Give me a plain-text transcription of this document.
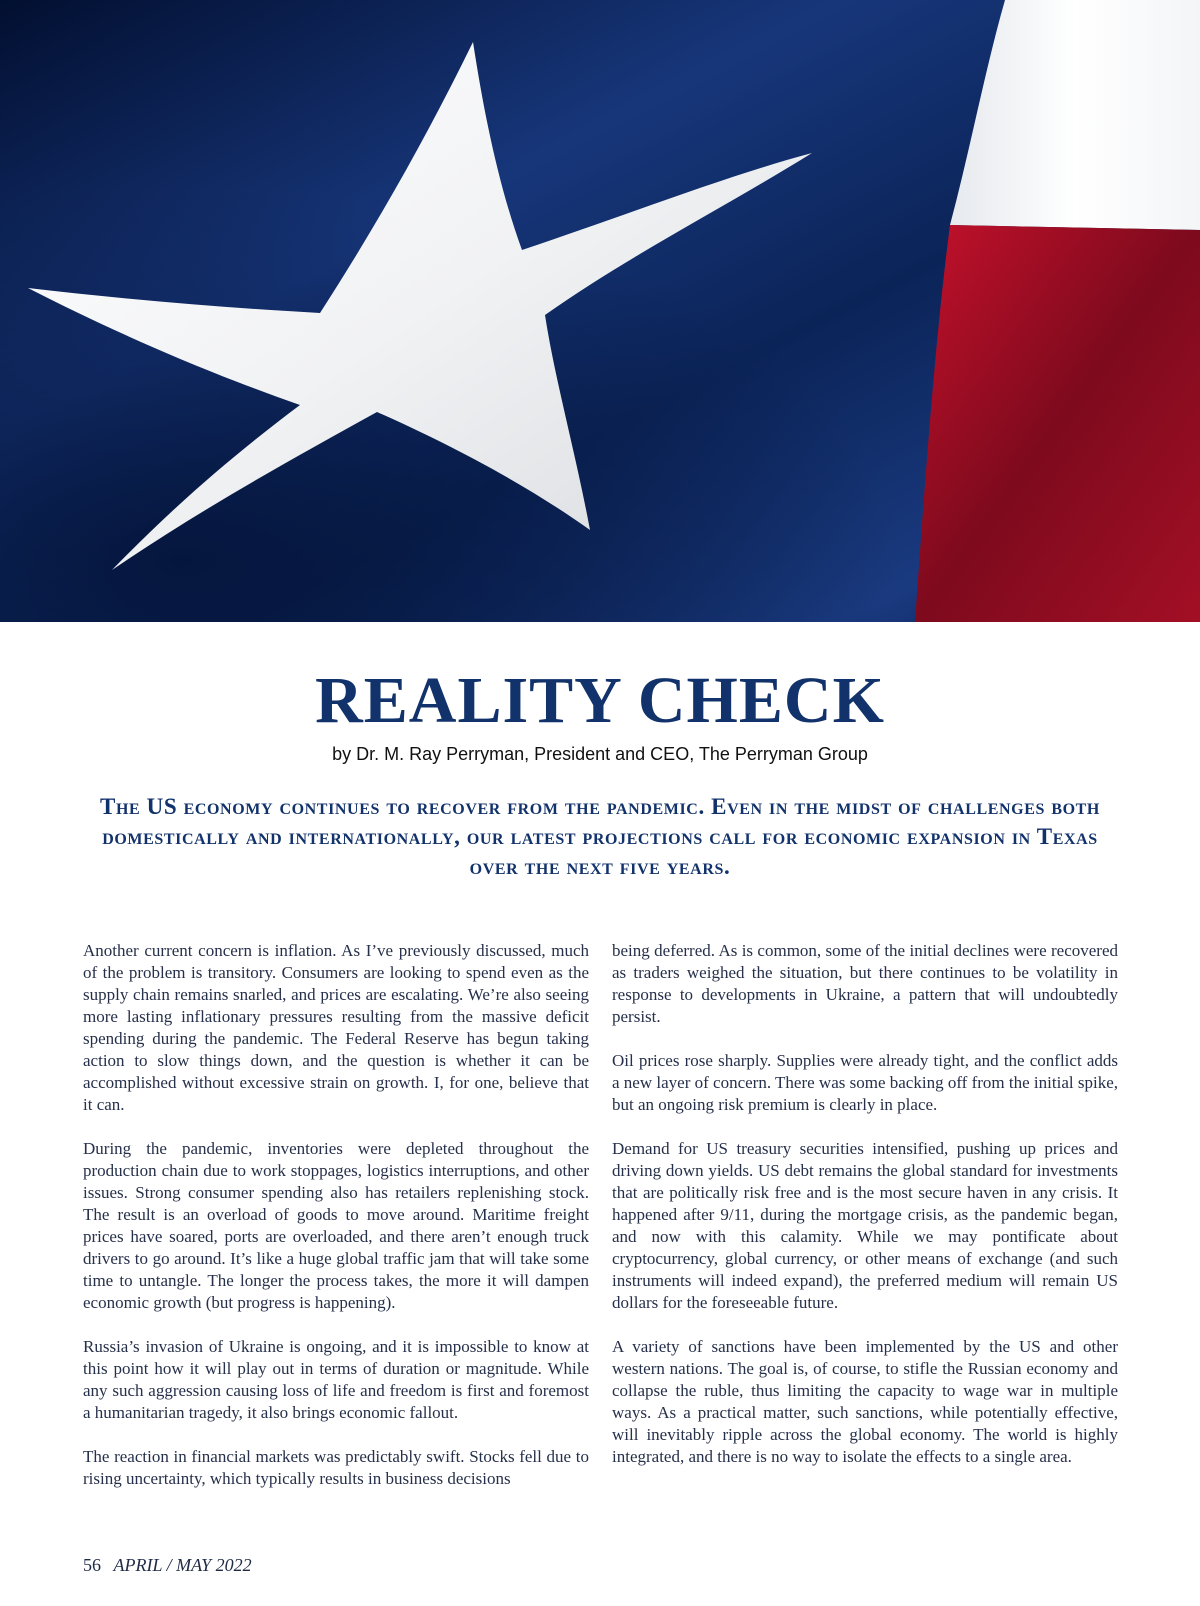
REALITY CHECK
by Dr. M. Ray Perryman, President and CEO, The Perryman Group

The US economy continues to recover from the pandemic. Even in the midst of challenges both domestically and internationally, our latest projections call for economic expansion in Texas over the next five years.

Another current concern is inflation. As I’ve previously discussed, much of the problem is transitory. Consumers are looking to spend even as the supply chain remains snarled, and prices are escalating. We’re also seeing more lasting inflationary pressures resulting from the massive deficit spending during the pandemic. The Federal Reserve has begun taking action to slow things down, and the question is whether it can be accomplished without excessive strain on growth. I, for one, believe that it can.

During the pandemic, inventories were depleted throughout the production chain due to work stoppages, logistics interruptions, and other issues. Strong consumer spending also has retailers replenishing stock. The result is an overload of goods to move around. Maritime freight prices have soared, ports are overloaded, and there aren’t enough truck drivers to go around. It’s like a huge global traffic jam that will take some time to untangle. The longer the process takes, the more it will dampen economic growth (but progress is happening).

Russia’s invasion of Ukraine is ongoing, and it is impossible to know at this point how it will play out in terms of duration or magnitude. While any such aggression causing loss of life and freedom is first and foremost a humanitarian tragedy, it also brings economic fallout.

The reaction in financial markets was predictably swift. Stocks fell due to rising uncertainty, which typically results in business decisions

being deferred. As is common, some of the initial declines were recovered as traders weighed the situation, but there continues to be volatility in response to developments in Ukraine, a pattern that will undoubtedly persist.

Oil prices rose sharply. Supplies were already tight, and the conflict adds a new layer of concern. There was some backing off from the initial spike, but an ongoing risk premium is clearly in place.

Demand for US treasury securities intensified, pushing up prices and driving down yields. US debt remains the global standard for investments that are politically risk free and is the most secure haven in any crisis. It happened after 9/11, during the mortgage crisis, as the pandemic began, and now with this calamity. While we may pontificate about cryptocurrency, global currency, or other means of exchange (and such instruments will indeed expand), the preferred medium will remain US dollars for the foreseeable future.

A variety of sanctions have been implemented by the US and other western nations. The goal is, of course, to stifle the Russian economy and collapse the ruble, thus limiting the capacity to wage war in multiple ways. As a practical matter, such sanctions, while potentially effective, will inevitably ripple across the global economy. The world is highly integrated, and there is no way to isolate the effects to a single area.

56 APRIL / MAY 2022
